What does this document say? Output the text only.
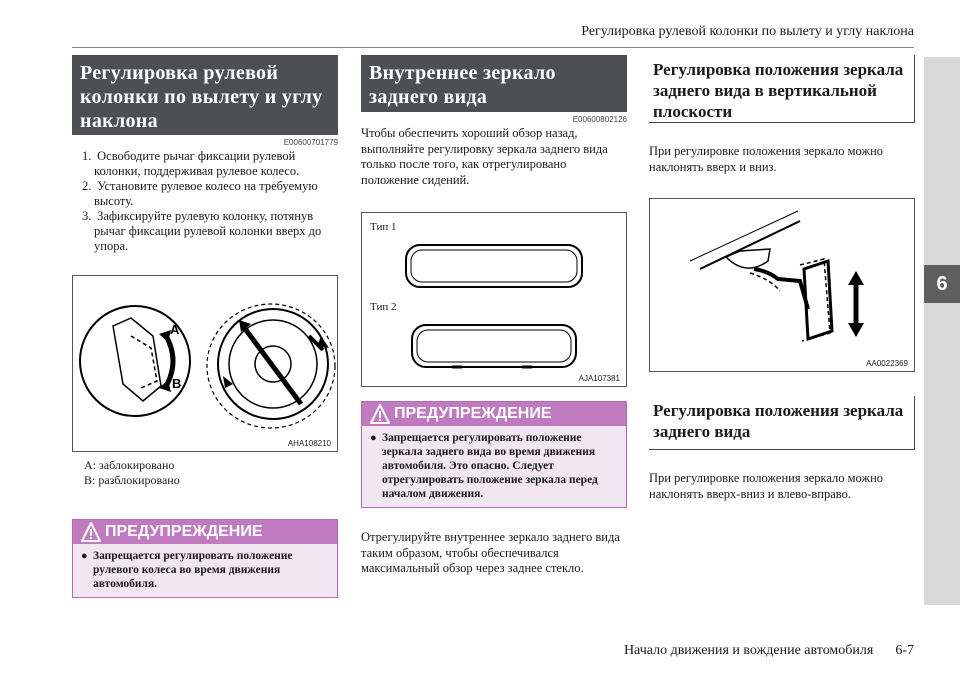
Регулировка рулевой колонки по вылету и углу наклона
6
Регулировка рулевой
колонки по вылету и углу
наклона
E00600701779
1. Освободите рычаг фиксации рулевой колонки, поддерживая рулевое колесо.
2. Установите рулевое колесо на требуемую высоту.
3. Зафиксируйте рулевую колонку, потянув рычаг фиксации рулевой колонки вверх до упора.
A
B
AHA108210
A: заблокировано
B: разблокировано
ПРЕДУПРЕЖДЕНИЕ
● Запрещается регулировать положение рулевого колеса во время движения автомобиля.
Внутреннее зеркало
заднего вида
E00600802126
Чтобы обеспечить хороший обзор назад, выполняйте регулировку зеркала заднего вида только после того, как отрегулировано положение сидений.
Тип 1
Тип 2
AJA107381
ПРЕДУПРЕЖДЕНИЕ
● Запрещается регулировать положение зеркала заднего вида во время движения автомобиля. Это опасно. Следует отрегулировать положение зеркала перед началом движения.
Отрегулируйте внутреннее зеркало заднего вида таким образом, чтобы обеспечивался максимальный обзор через заднее стекло.
Регулировка положения зеркала
заднего вида в вертикальной
плоскости
При регулировке положения зеркало можно наклонять вверх и вниз.
AA0022369
Регулировка положения зеркала
заднего вида
При регулировке положения зеркало можно наклонять вверх-вниз и влево-вправо.
Начало движения и вождение автомобиля 6-7
